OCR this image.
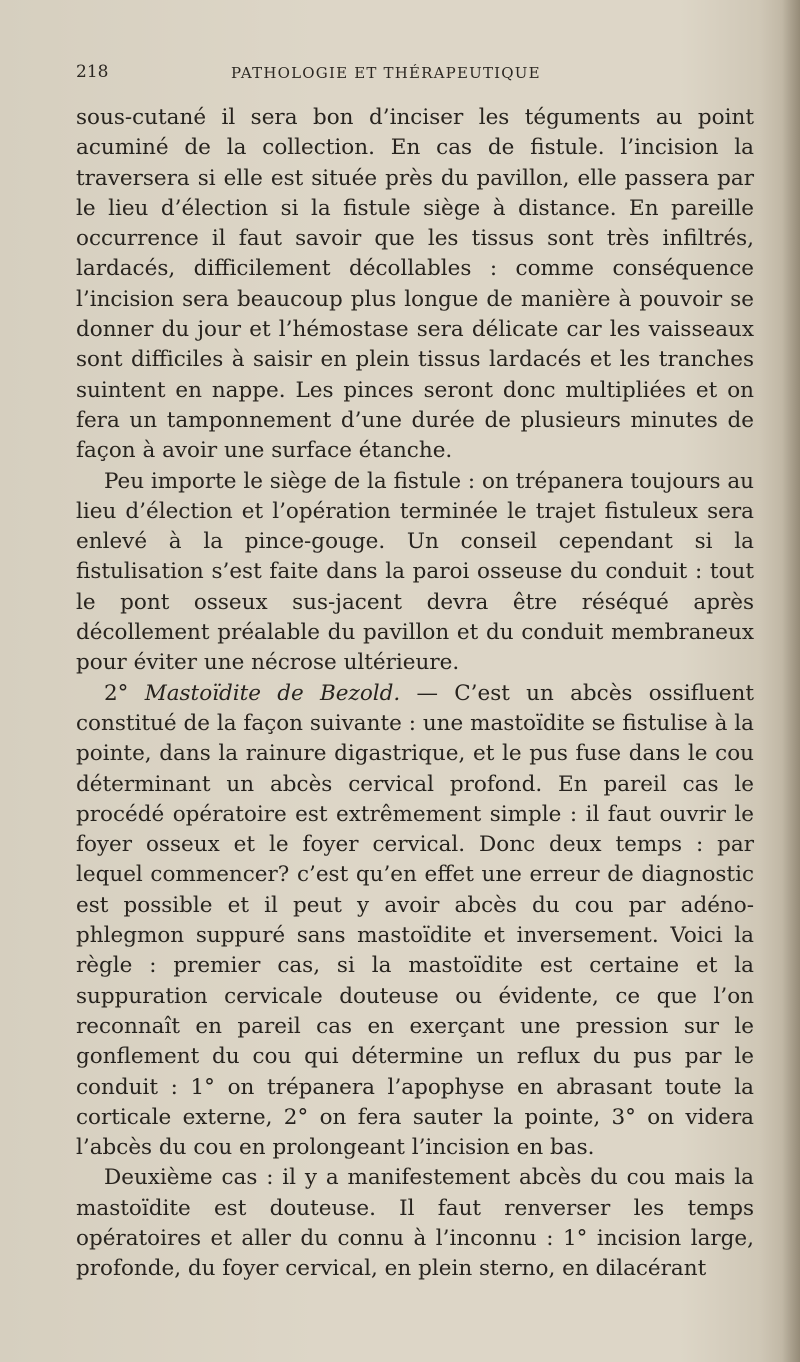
218	PATHOLOGIE ET THÉRAPEUTIQUE

sous-cutané il sera bon d’inciser les téguments au point acuminé de la collection. En cas de fistule. l’incision la traversera si elle est située près du pavillon, elle passera par le lieu d’élection si la fistule siège à distance. En pareille occurrence il faut savoir que les tissus sont très infiltrés, lardacés, difficilement décollables : comme conséquence l’incision sera beaucoup plus longue de manière à pouvoir se donner du jour et l’hémostase sera délicate car les vaisseaux sont difficiles à saisir en plein tissus lardacés et les tranches suintent en nappe. Les pinces seront donc multipliées et on fera un tamponnement d’une durée de plusieurs minutes de façon à avoir une surface étanche.

Peu importe le siège de la fistule : on trépanera toujours au lieu d’élection et l’opération terminée le trajet fistuleux sera enlevé à la pince-gouge. Un conseil cependant si la fistulisation s’est faite dans la paroi osseuse du conduit : tout le pont osseux sus-jacent devra être réséqué après décollement préalable du pavillon et du conduit membraneux pour éviter une nécrose ultérieure.

2° Mastoïdite de Bezold. — C’est un abcès ossifluent constitué de la façon suivante : une mastoïdite se fistulise à la pointe, dans la rainure digastrique, et le pus fuse dans le cou déterminant un abcès cervical profond. En pareil cas le procédé opératoire est extrêmement simple : il faut ouvrir le foyer osseux et le foyer cervical. Donc deux temps : par lequel commencer? c’est qu’en effet une erreur de diagnostic est possible et il peut y avoir abcès du cou par adéno-phlegmon suppuré sans mastoïdite et inversement. Voici la règle : premier cas, si la mastoïdite est certaine et la suppuration cervicale douteuse ou évidente, ce que l’on reconnaît en pareil cas en exerçant une pression sur le gonflement du cou qui détermine un reflux du pus par le conduit : 1° on trépanera l’apophyse en abrasant toute la corticale externe, 2° on fera sauter la pointe, 3° on videra l’abcès du cou en prolongeant l’incision en bas.

Deuxième cas : il y a manifestement abcès du cou mais la mastoïdite est douteuse. Il faut renverser les temps opératoires et aller du connu à l’inconnu : 1° incision large, profonde, du foyer cervical, en plein sterno, en dilacérant
